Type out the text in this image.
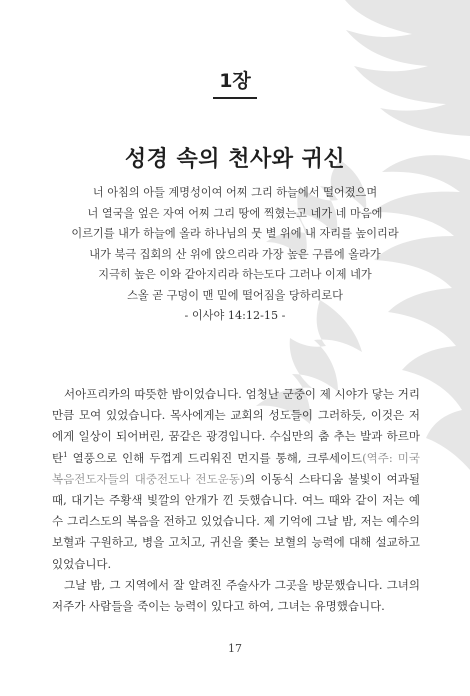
1장
성경 속의 천사와 귀신
너 아침의 아들 계명성이여 어찌 그리 하늘에서 떨어졌으며
너 열국을 엎은 자여 어찌 그리 땅에 찍혔는고 네가 네 마음에
이르기를 내가 하늘에 올라 하나님의 뭇 별 위에 내 자리를 높이리라
내가 북극 집회의 산 위에 앉으리라 가장 높은 구름에 올라가
지극히 높은 이와 같아지리라 하는도다 그러나 이제 네가
스올 곧 구덩이 맨 밑에 떨어짐을 당하리로다
- 이사야 14:12-15 -

서아프리카의 따뜻한 밤이었습니다. 엄청난 군중이 제 시야가 닿는 거리만큼 모여 있었습니다. 목사에게는 교회의 성도들이 그러하듯, 이것은 저에게 일상이 되어버린, 꿈같은 광경입니다. 수십만의 춤 추는 발과 하르마탄$^1$ 열풍으로 인해 두껍게 드리워진 먼지를 통해, 크루세이드(역주: 미국 복음전도자들의 대중전도나 전도운동)의 이동식 스타디움 불빛이 여과될 때, 대기는 주황색 빛깔의 안개가 낀 듯했습니다. 여느 때와 같이 저는 예수 그리스도의 복음을 전하고 있었습니다. 제 기억에 그날 밤, 저는 예수의 보혈과 구원하고, 병을 고치고, 귀신을 쫓는 보혈의 능력에 대해 설교하고 있었습니다.

그날 밤, 그 지역에서 잘 알려진 주술사가 그곳을 방문했습니다. 그녀의 저주가 사람들을 죽이는 능력이 있다고 하여, 그녀는 유명했습니다.

17
